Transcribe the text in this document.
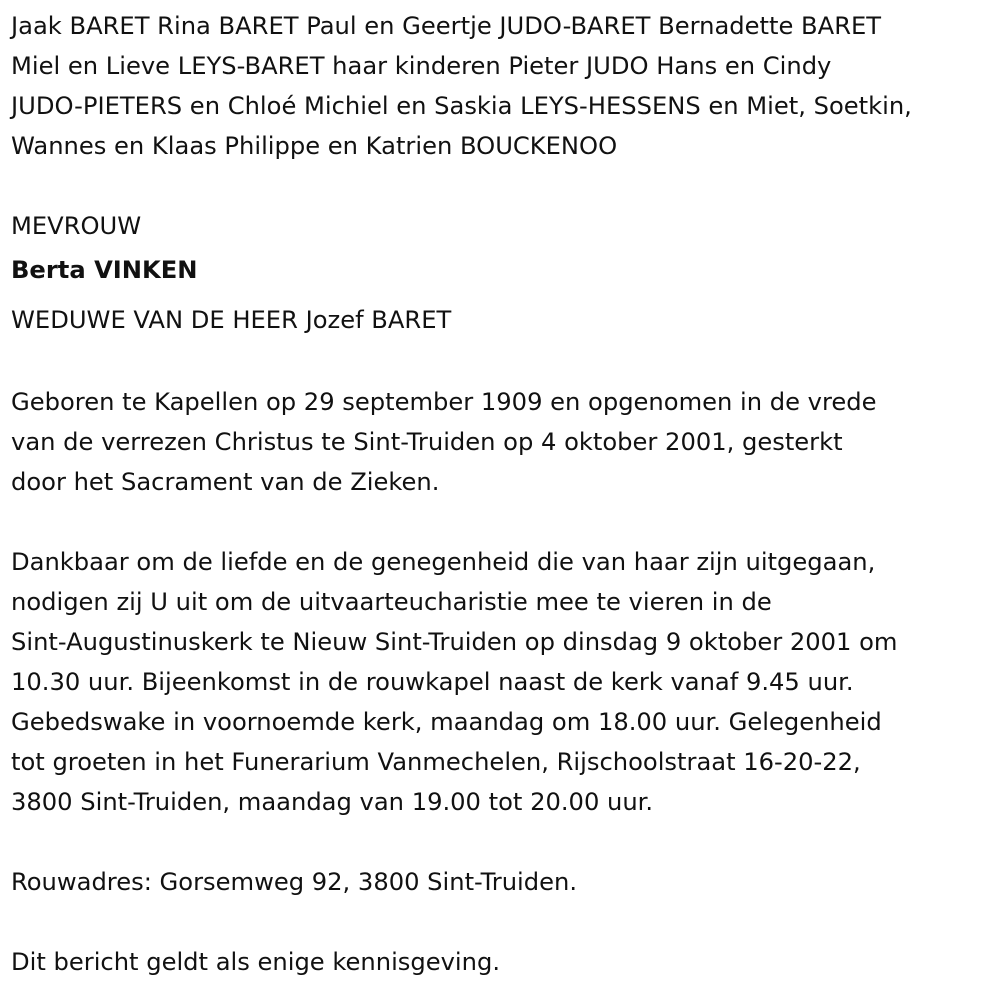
Jaak BARET Rina BARET Paul en Geertje JUDO-BARET Bernadette BARET
Miel en Lieve LEYS-BARET haar kinderen Pieter JUDO Hans en Cindy
JUDO-PIETERS en Chloé Michiel en Saskia LEYS-HESSENS en Miet, Soetkin,
Wannes en Klaas Philippe en Katrien BOUCKENOO
MEVROUW
Berta VINKEN
WEDUWE VAN DE HEER Jozef BARET
Geboren te Kapellen op 29 september 1909 en opgenomen in de vrede
van de verrezen Christus te Sint-Truiden op 4 oktober 2001, gesterkt
door het Sacrament van de Zieken.
Dankbaar om de liefde en de genegenheid die van haar zijn uitgegaan,
nodigen zij U uit om de uitvaarteucharistie mee te vieren in de
Sint-Augustinuskerk te Nieuw Sint-Truiden op dinsdag 9 oktober 2001 om
10.30 uur. Bijeenkomst in de rouwkapel naast de kerk vanaf 9.45 uur.
Gebedswake in voornoemde kerk, maandag om 18.00 uur. Gelegenheid
tot groeten in het Funerarium Vanmechelen, Rijschoolstraat 16-20-22,
3800 Sint-Truiden, maandag van 19.00 tot 20.00 uur.
Rouwadres: Gorsemweg 92, 3800 Sint-Truiden.
Dit bericht geldt als enige kennisgeving.
